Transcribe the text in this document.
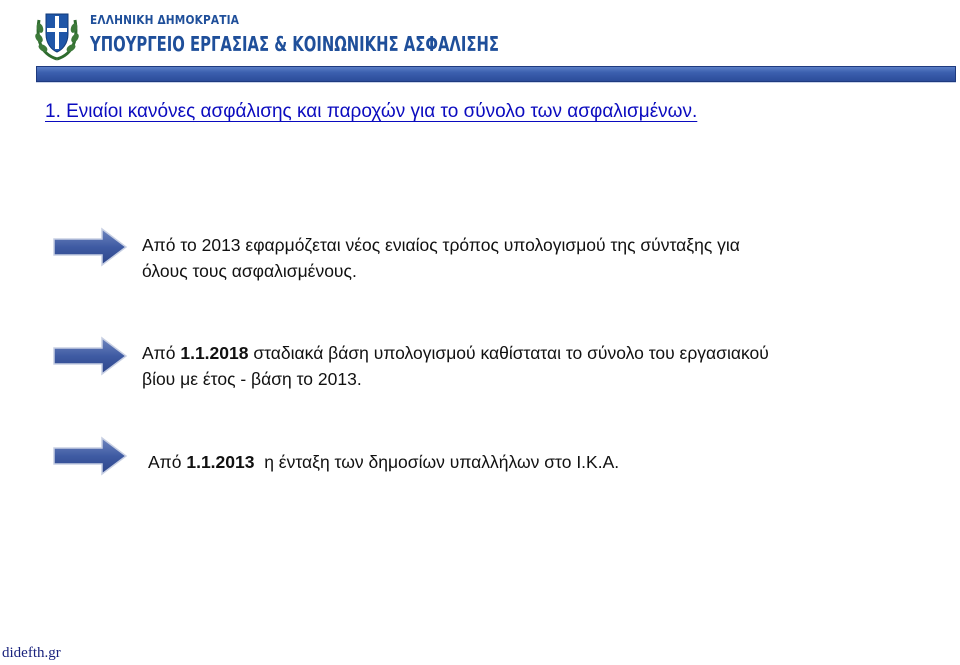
ΕΛΛΗΝΙΚΗ ΔΗΜΟΚΡΑΤΙΑ
ΥΠΟΥΡΓΕΙΟ ΕΡΓΑΣΙΑΣ & ΚΟΙΝΩΝΙΚΗΣ ΑΣΦΑΛΙΣΗΣ
1. Ενιαίοι κανόνες ασφάλισης και παροχών για το σύνολο των ασφαλισμένων.
Από το 2013 εφαρμόζεται νέος ενιαίος τρόπος υπολογισμού της σύνταξης για
όλους τους ασφαλισμένους.
Από 1.1.2018 σταδιακά βάση υπολογισμού καθίσταται το σύνολο του εργασιακού
βίου με έτος - βάση το 2013.
Από 1.1.2013  η ένταξη των δημοσίων υπαλλήλων στο Ι.Κ.Α.
didefth.gr
